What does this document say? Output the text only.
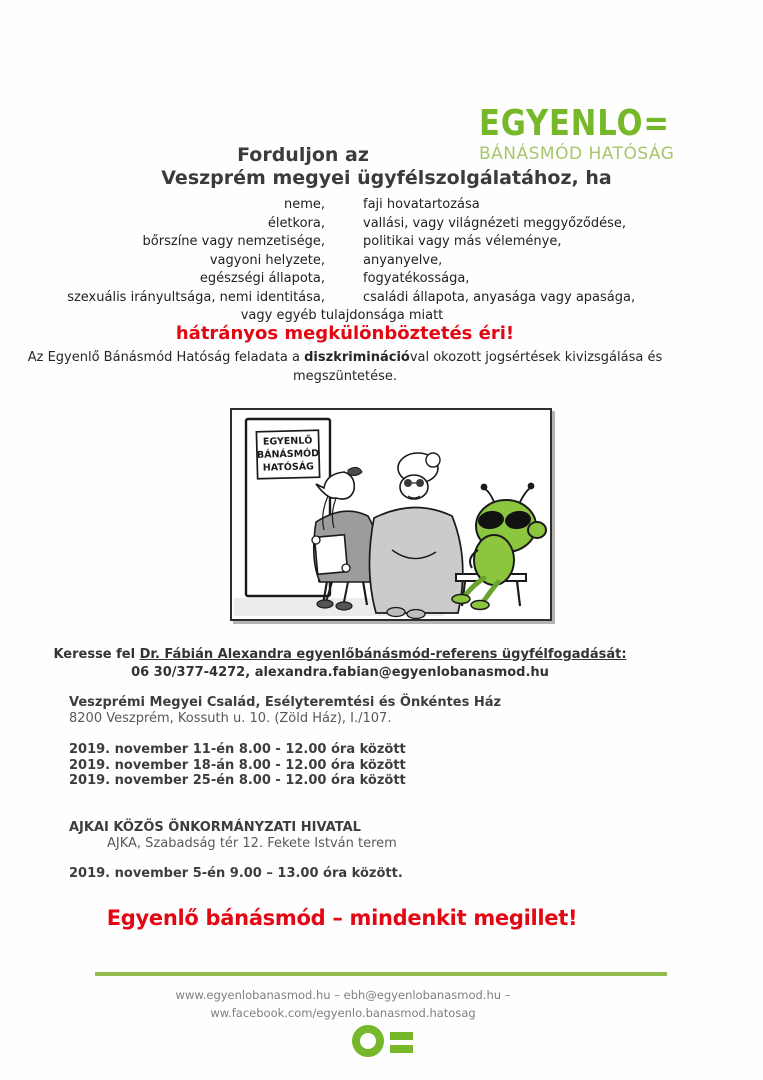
EGYENLO=
BÁNÁSMÓD HATÓSÁG
Forduljon az
Veszprém megyei ügyfélszolgálatához, ha
neme,
életkora,
bőrszíne vagy nemzetisége,
vagyoni helyzete,
egészségi állapota,
szexuális irányultsága, nemi identitása,
faji hovatartozása
vallási, vagy világnézeti meggyőződése,
politikai vagy más véleménye,
anyanyelve,
fogyatékossága,
családi állapota, anyasága vagy apasága,
vagy egyéb tulajdonsága miatt
hátrányos megkülönböztetés éri!

Az Egyenlő Bánásmód Hatóság feladata a diszkriminációval okozott jogsértések kivizsgálása és megszüntetése.

EGYENLŐ
BÁNÁSMÓD
HATÓSÁG
Keresse fel Dr. Fábián Alexandra egyenlőbánásmód-referens ügyfélfogadását:
06 30/377-4272, alexandra.fabian@egyenlobanasmod.hu
Veszprémi Megyei Család, Esélyteremtési és Önkéntes Ház
8200 Veszprém, Kossuth u. 10. (Zöld Ház), I./107.
2019. november 11-én 8.00 - 12.00 óra között
2019. november 18-án 8.00 - 12.00 óra között
2019. november 25-én 8.00 - 12.00 óra között
AJKAI KÖZÖS ÖNKORMÁNYZATI HIVATAL
AJKA, Szabadság tér 12. Fekete István terem
2019. november 5-én 9.00 – 13.00 óra között.
Egyenlő bánásmód – mindenkit megillet!
www.egyenlobanasmod.hu – ebh@egyenlobanasmod.hu –
ww.facebook.com/egyenlo.banasmod.hatosag
